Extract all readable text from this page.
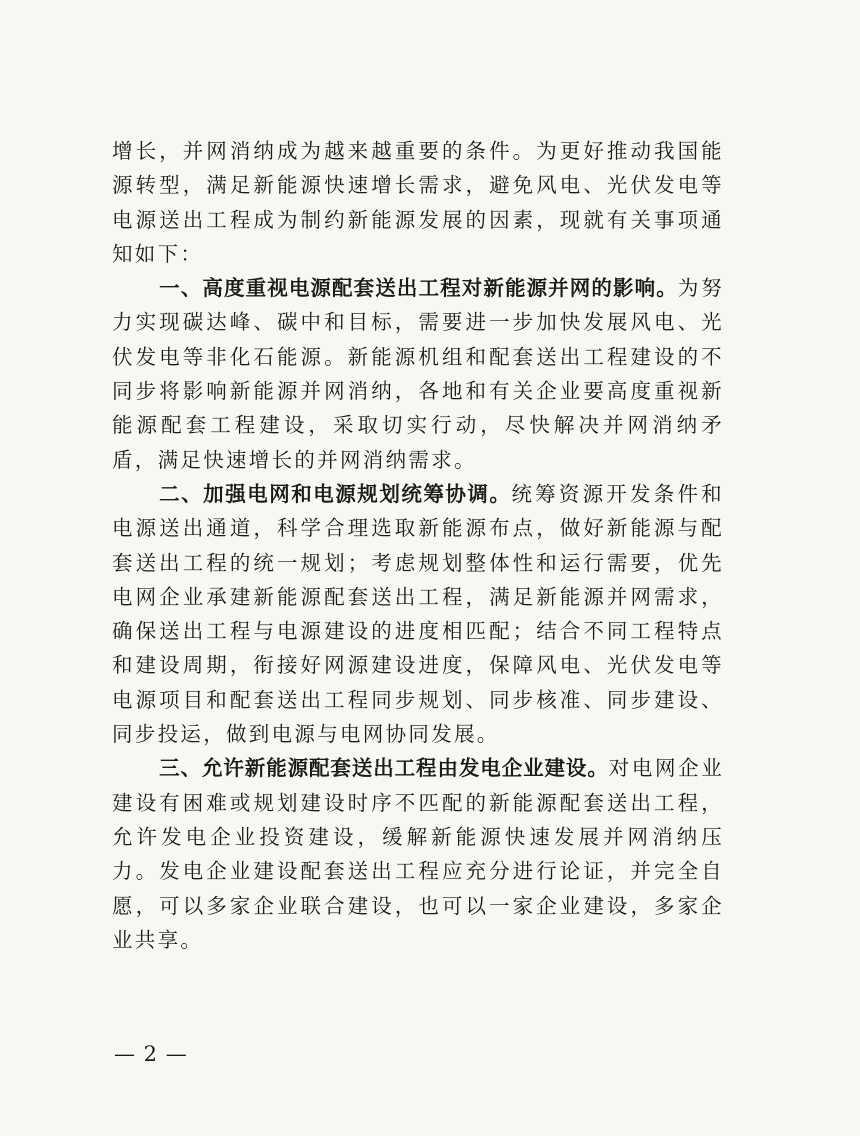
增长，并网消纳成为越来越重要的条件。为更好推动我国能源转型，满足新能源快速增长需求，避免风电、光伏发电等电源送出工程成为制约新能源发展的因素，现就有关事项通知如下：

一、高度重视电源配套送出工程对新能源并网的影响。为努力实现碳达峰、碳中和目标，需要进一步加快发展风电、光伏发电等非化石能源。新能源机组和配套送出工程建设的不同步将影响新能源并网消纳，各地和有关企业要高度重视新能源配套工程建设，采取切实行动，尽快解决并网消纳矛盾，满足快速增长的并网消纳需求。

二、加强电网和电源规划统筹协调。统筹资源开发条件和电源送出通道，科学合理选取新能源布点，做好新能源与配套送出工程的统一规划；考虑规划整体性和运行需要，优先电网企业承建新能源配套送出工程，满足新能源并网需求，确保送出工程与电源建设的进度相匹配；结合不同工程特点和建设周期，衔接好网源建设进度，保障风电、光伏发电等电源项目和配套送出工程同步规划、同步核准、同步建设、同步投运，做到电源与电网协同发展。

三、允许新能源配套送出工程由发电企业建设。对电网企业建设有困难或规划建设时序不匹配的新能源配套送出工程，允许发电企业投资建设，缓解新能源快速发展并网消纳压力。发电企业建设配套送出工程应充分进行论证，并完全自愿，可以多家企业联合建设，也可以一家企业建设，多家企业共享。

— 2 —
